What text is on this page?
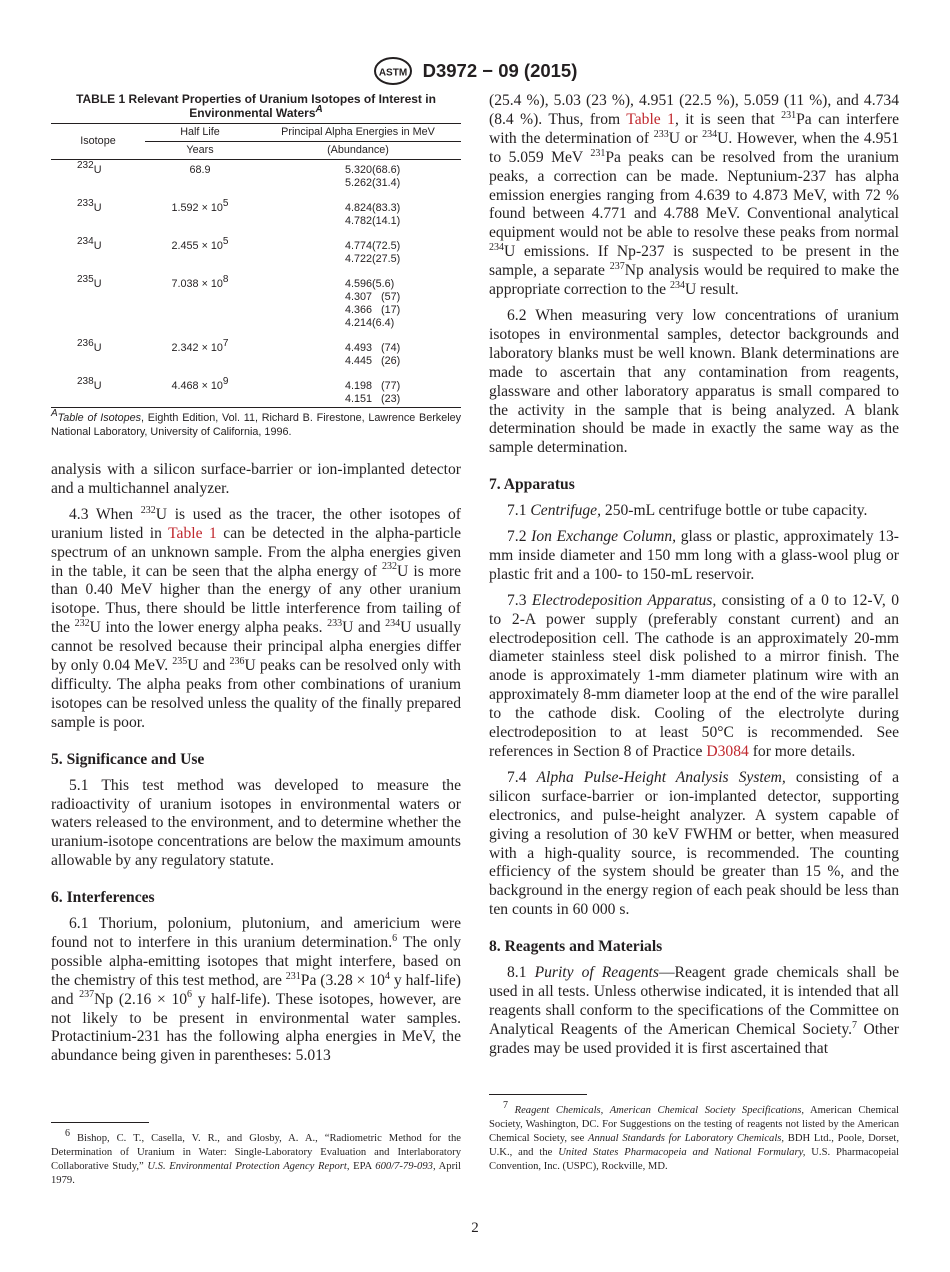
ASTM D3972 − 09 (2015)
TABLE 1 Relevant Properties of Uranium Isotopes of Interest in Environmental Waters$^A$
Isotope	Half Life	Principal Alpha Energies in MeV
	Years	(Abundance)
$^{232}$U	68.9	5.320(68.6)
5.262(31.4)

$^{233}$U	$1.592 \times 10^5$	4.824(83.3)
4.782(14.1)

$^{234}$U	$2.455 \times 10^5$	4.774(72.5)
4.722(27.5)

$^{235}$U	$7.038 \times 10^8$	4.596(5.6)
4.307   (57)
4.366   (17)
4.214(6.4)

$^{236}$U	$2.342 \times 10^7$	4.493   (74)
4.445   (26)

$^{238}$U	$4.468 \times 10^9$	4.198   (77)
4.151   (23)
$^A$Table of Isotopes, Eighth Edition, Vol. 11, Richard B. Firestone, Lawrence Berkeley National Laboratory, University of California, 1996.

analysis with a silicon surface-barrier or ion-implanted detector and a multichannel analyzer.

4.3 When $^{232}$U is used as the tracer, the other isotopes of uranium listed in Table 1 can be detected in the alpha-particle spectrum of an unknown sample. From the alpha energies given in the table, it can be seen that the alpha energy of $^{232}$U is more than 0.40 MeV higher than the energy of any other uranium isotope. Thus, there should be little interference from tailing of the $^{232}$U into the lower energy alpha peaks. $^{233}$U and $^{234}$U usually cannot be resolved because their principal alpha energies differ by only 0.04 MeV. $^{235}$U and $^{236}$U peaks can be resolved only with difficulty. The alpha peaks from other combinations of uranium isotopes can be resolved unless the quality of the finally prepared sample is poor.

5. Significance and Use

5.1 This test method was developed to measure the radioactivity of uranium isotopes in environmental waters or waters released to the environment, and to determine whether the uranium-isotope concentrations are below the maximum amounts allowable by any regulatory statute.

6. Interferences

6.1 Thorium, polonium, plutonium, and americium were found not to interfere in this uranium determination.$^6$ The only possible alpha-emitting isotopes that might interfere, based on the chemistry of this test method, are $^{231}$Pa ($3.28 \times 10^4$ y half-life) and $^{237}$Np ($2.16 \times 10^6$ y half-life). These isotopes, however, are not likely to be present in environmental water samples. Protactinium-231 has the following alpha energies in MeV, the abundance being given in parentheses: 5.013

(25.4 %), 5.03 (23 %), 4.951 (22.5 %), 5.059 (11 %), and 4.734 (8.4 %). Thus, from Table 1, it is seen that $^{231}$Pa can interfere with the determination of $^{233}$U or $^{234}$U. However, when the 4.951 to 5.059 MeV $^{231}$Pa peaks can be resolved from the uranium peaks, a correction can be made. Neptunium-237 has alpha emission energies ranging from 4.639 to 4.873 MeV, with 72 % found between 4.771 and 4.788 MeV. Conventional analytical equipment would not be able to resolve these peaks from normal $^{234}$U emissions. If Np-237 is suspected to be present in the sample, a separate $^{237}$Np analysis would be required to make the appropriate correction to the $^{234}$U result.

6.2 When measuring very low concentrations of uranium isotopes in environmental samples, detector backgrounds and laboratory blanks must be well known. Blank determinations are made to ascertain that any contamination from reagents, glassware and other laboratory apparatus is small compared to the activity in the sample that is being analyzed. A blank determination should be made in exactly the same way as the sample determination.

7. Apparatus

7.1 Centrifuge, 250-mL centrifuge bottle or tube capacity.

7.2 Ion Exchange Column, glass or plastic, approximately 13-mm inside diameter and 150 mm long with a glass-wool plug or plastic frit and a 100- to 150-mL reservoir.

7.3 Electrodeposition Apparatus, consisting of a 0 to 12-V, 0 to 2-A power supply (preferably constant current) and an electrodeposition cell. The cathode is an approximately 20-mm diameter stainless steel disk polished to a mirror finish. The anode is approximately 1-mm diameter platinum wire with an approximately 8-mm diameter loop at the end of the wire parallel to the cathode disk. Cooling of the electrolyte during electrodeposition to at least 50°C is recommended. See references in Section 8 of Practice D3084 for more details.

7.4 Alpha Pulse-Height Analysis System, consisting of a silicon surface-barrier or ion-implanted detector, supporting electronics, and pulse-height analyzer. A system capable of giving a resolution of 30 keV FWHM or better, when measured with a high-quality source, is recommended. The counting efficiency of the system should be greater than 15 %, and the background in the energy region of each peak should be less than ten counts in 60 000 s.

8. Reagents and Materials

8.1 Purity of Reagents—Reagent grade chemicals shall be used in all tests. Unless otherwise indicated, it is intended that all reagents shall conform to the specifications of the Committee on Analytical Reagents of the American Chemical Society.$^7$ Other grades may be used provided it is first ascertained that

$^6$ Bishop, C. T., Casella, V. R., and Glosby, A. A., “Radiometric Method for the Determination of Uranium in Water: Single-Laboratory Evaluation and Interlaboratory Collaborative Study,” U.S. Environmental Protection Agency Report, EPA 600/7-79-093, April 1979.

$^7$ Reagent Chemicals, American Chemical Society Specifications, American Chemical Society, Washington, DC. For Suggestions on the testing of reagents not listed by the American Chemical Society, see Annual Standards for Laboratory Chemicals, BDH Ltd., Poole, Dorset, U.K., and the United States Pharmacopeia and National Formulary, U.S. Pharmacopeial Convention, Inc. (USPC), Rockville, MD.

2
